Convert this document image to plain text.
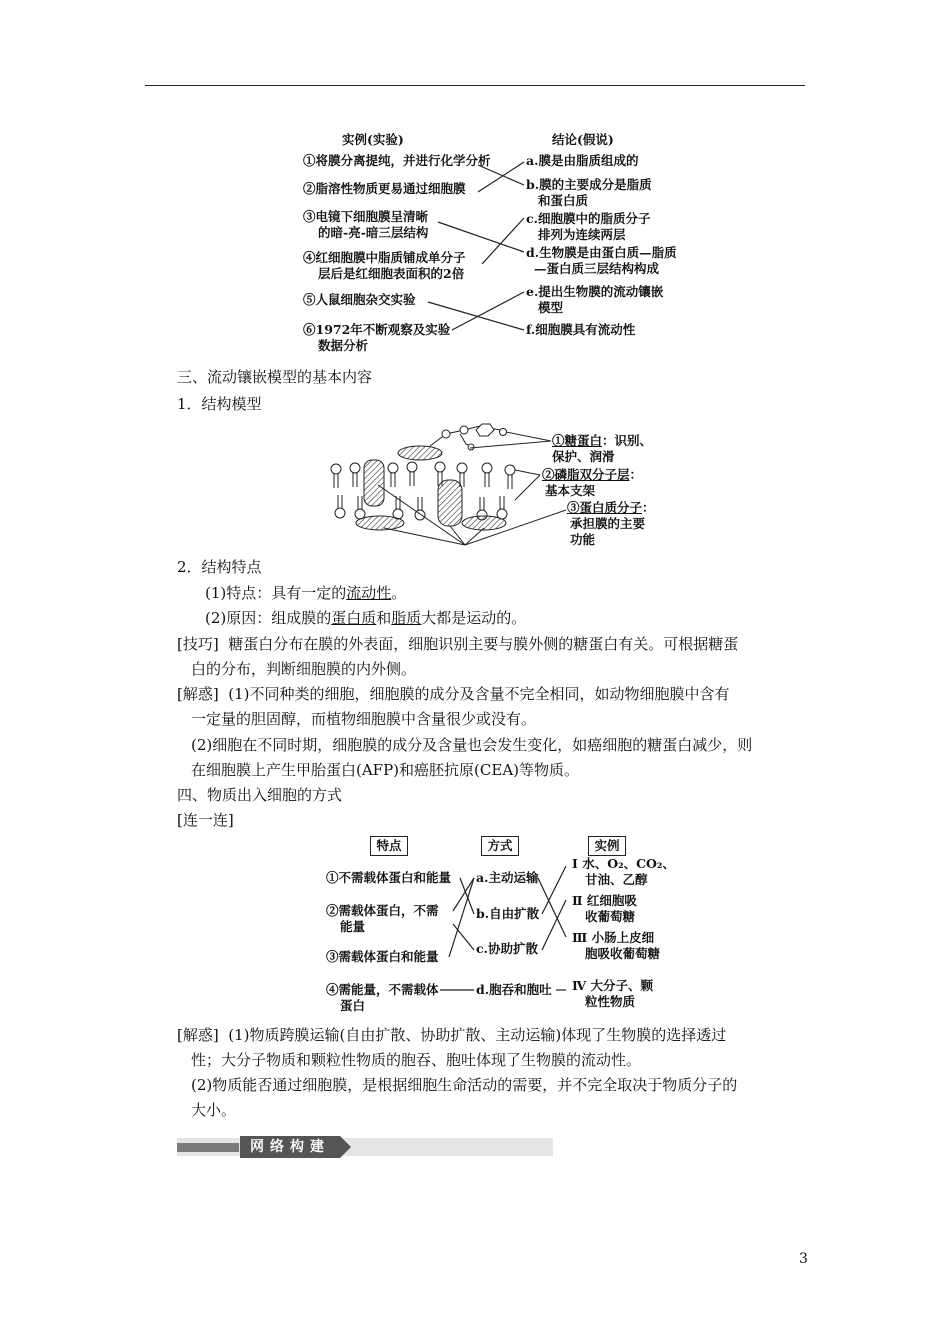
实例(实验)	结论(假说)
①将膜分离提纯，并进行化学分析
②脂溶性物质更易通过细胞膜
③电镜下细胞膜呈清晰
的暗-亮-暗三层结构
④红细胞膜中脂质铺成单分子
层后是红细胞表面积的2倍
⑤人鼠细胞杂交实验
⑥1972年不断观察及实验
数据分析
a.膜是由脂质组成的
b.膜的主要成分是脂质
和蛋白质
c.细胞膜中的脂质分子
排列为连续两层
d.生物膜是由蛋白质—脂质
—蛋白质三层结构构成
e.提出生物膜的流动镶嵌
模型
f.细胞膜具有流动性
三、流动镶嵌模型的基本内容
1．结构模型
①糖蛋白：识别、
保护、润滑
②磷脂双分子层：
基本支架
③蛋白质分子：
承担膜的主要
功能
2．结构特点
(1)特点：具有一定的流动性。
(2)原因：组成膜的蛋白质和脂质大都是运动的。
[技巧] 糖蛋白分布在膜的外表面，细胞识别主要与膜外侧的糖蛋白有关。可根据糖蛋
白的分布，判断细胞膜的内外侧。
[解惑] (1)不同种类的细胞，细胞膜的成分及含量不完全相同，如动物细胞膜中含有
一定量的胆固醇，而植物细胞膜中含量很少或没有。
(2)细胞在不同时期，细胞膜的成分及含量也会发生变化，如癌细胞的糖蛋白减少，则
在细胞膜上产生甲胎蛋白(AFP)和癌胚抗原(CEA)等物质。
四、物质出入细胞的方式
[连一连]
特点	方式	实例
①不需载体蛋白和能量
②需载体蛋白，不需
能量
③需载体蛋白和能量
④需能量，不需载体
蛋白
a.主动运输
b.自由扩散
c.协助扩散
d.胞吞和胞吐
Ⅰ 水、O₂、CO₂、
甘油、乙醇
Ⅱ 红细胞吸
收葡萄糖
Ⅲ 小肠上皮细
胞吸收葡萄糖
Ⅳ 大分子、颗
粒性物质
[解惑] (1)物质跨膜运输(自由扩散、协助扩散、主动运输)体现了生物膜的选择透过
性；大分子物质和颗粒性物质的胞吞、胞吐体现了生物膜的流动性。
(2)物质能否通过细胞膜，是根据细胞生命活动的需要，并不完全取决于物质分子的
大小。
网络构建
3
